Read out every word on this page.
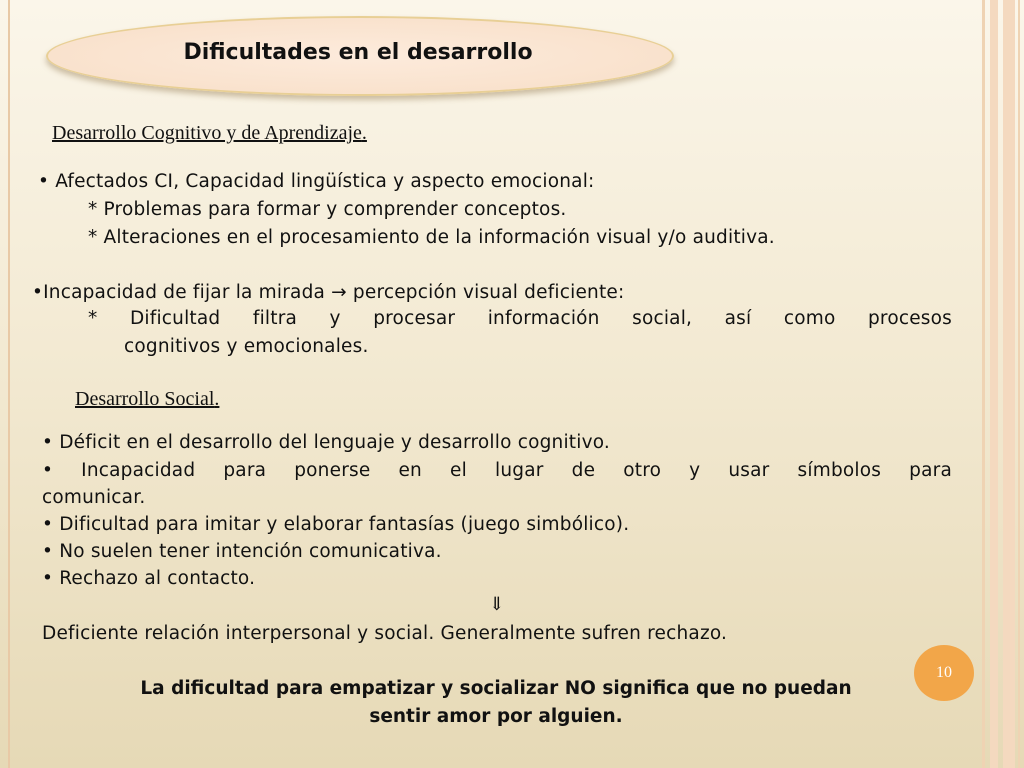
Dificultades en el desarrollo
Desarrollo Cognitivo y de Aprendizaje.
• Afectados CI, Capacidad lingüística y aspecto emocional:
* Problemas para formar y comprender conceptos.
* Alteraciones en el procesamiento de la información visual y/o auditiva.
•Incapacidad de fijar la mirada → percepción visual deficiente:
* Dificultad filtra y procesar información social, así como procesos
cognitivos y emocionales.
Desarrollo Social.
• Déficit en el desarrollo del lenguaje y desarrollo cognitivo.
• Incapacidad para ponerse en el lugar de otro y usar símbolos para
comunicar.
• Dificultad para imitar y elaborar fantasías (juego simbólico).
• No suelen tener intención comunicativa.
• Rechazo al contacto.
⇓
Deficiente relación interpersonal y social. Generalmente sufren rechazo.
La dificultad para empatizar y socializar NO significa que no puedan
sentir amor por alguien.
10
